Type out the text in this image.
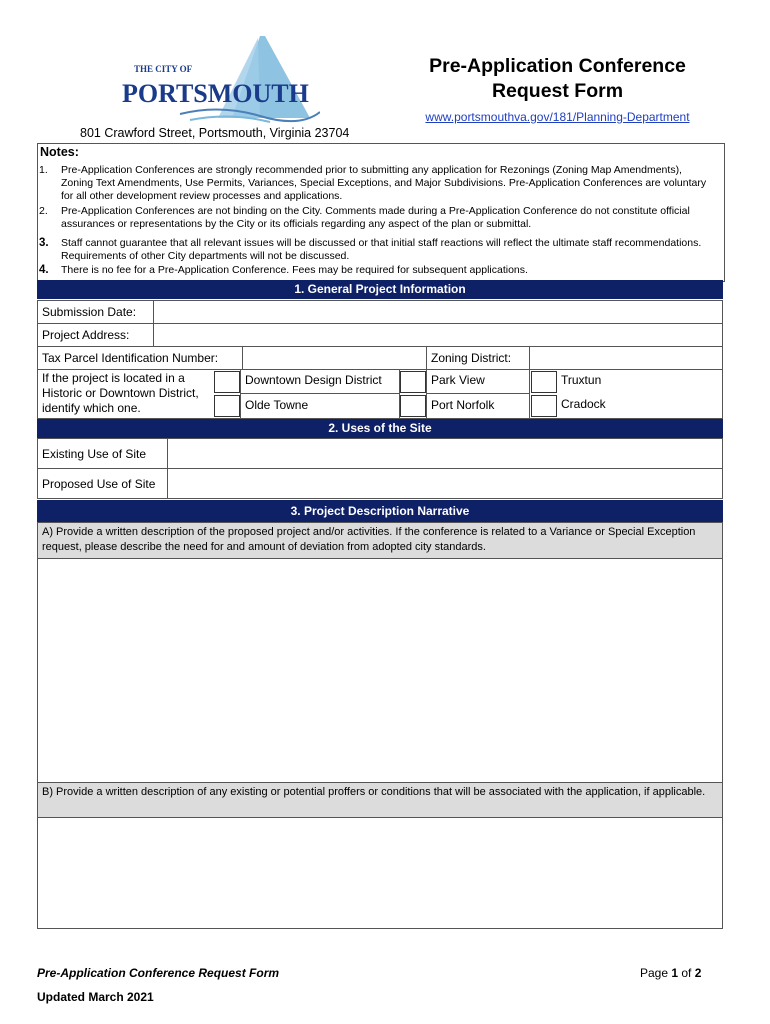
THE CITY OF
PORTSMOUTH
Pre-Application Conference
Request Form
www.portsmouthva.gov/181/Planning-Department
801 Crawford Street, Portsmouth, Virginia 23704
Notes:
1. Pre-Application Conferences are strongly recommended prior to submitting any application for Rezonings (Zoning Map Amendments), Zoning Text Amendments, Use Permits, Variances, Special Exceptions, and Major Subdivisions. Pre-Application Conferences are voluntary for all other development review processes and applications.
2. Pre-Application Conferences are not binding on the City. Comments made during a Pre-Application Conference do not constitute official assurances or representations by the City or its officials regarding any aspect of the plan or submittal.
3. Staff cannot guarantee that all relevant issues will be discussed or that initial staff reactions will reflect the ultimate staff recommendations. Requirements of other City departments will not be discussed.
4. There is no fee for a Pre-Application Conference. Fees may be required for subsequent applications.
1. General Project Information
Submission Date:
Project Address:
Tax Parcel Identification Number:	Zoning District:
If the project is located in a Historic or Downtown District, identify which one.
Downtown Design District	Park View	Truxtun
Olde Towne	Port Norfolk	Cradock
2. Uses of the Site
Existing Use of Site
Proposed Use of Site
3. Project Description Narrative
A) Provide a written description of the proposed project and/or activities. If the conference is related to a Variance or Special Exception request, please describe the need for and amount of deviation from adopted city standards.
B) Provide a written description of any existing or potential proffers or conditions that will be associated with the application, if applicable.
Pre-Application Conference Request Form
Updated March 2021
Page 1 of 2
